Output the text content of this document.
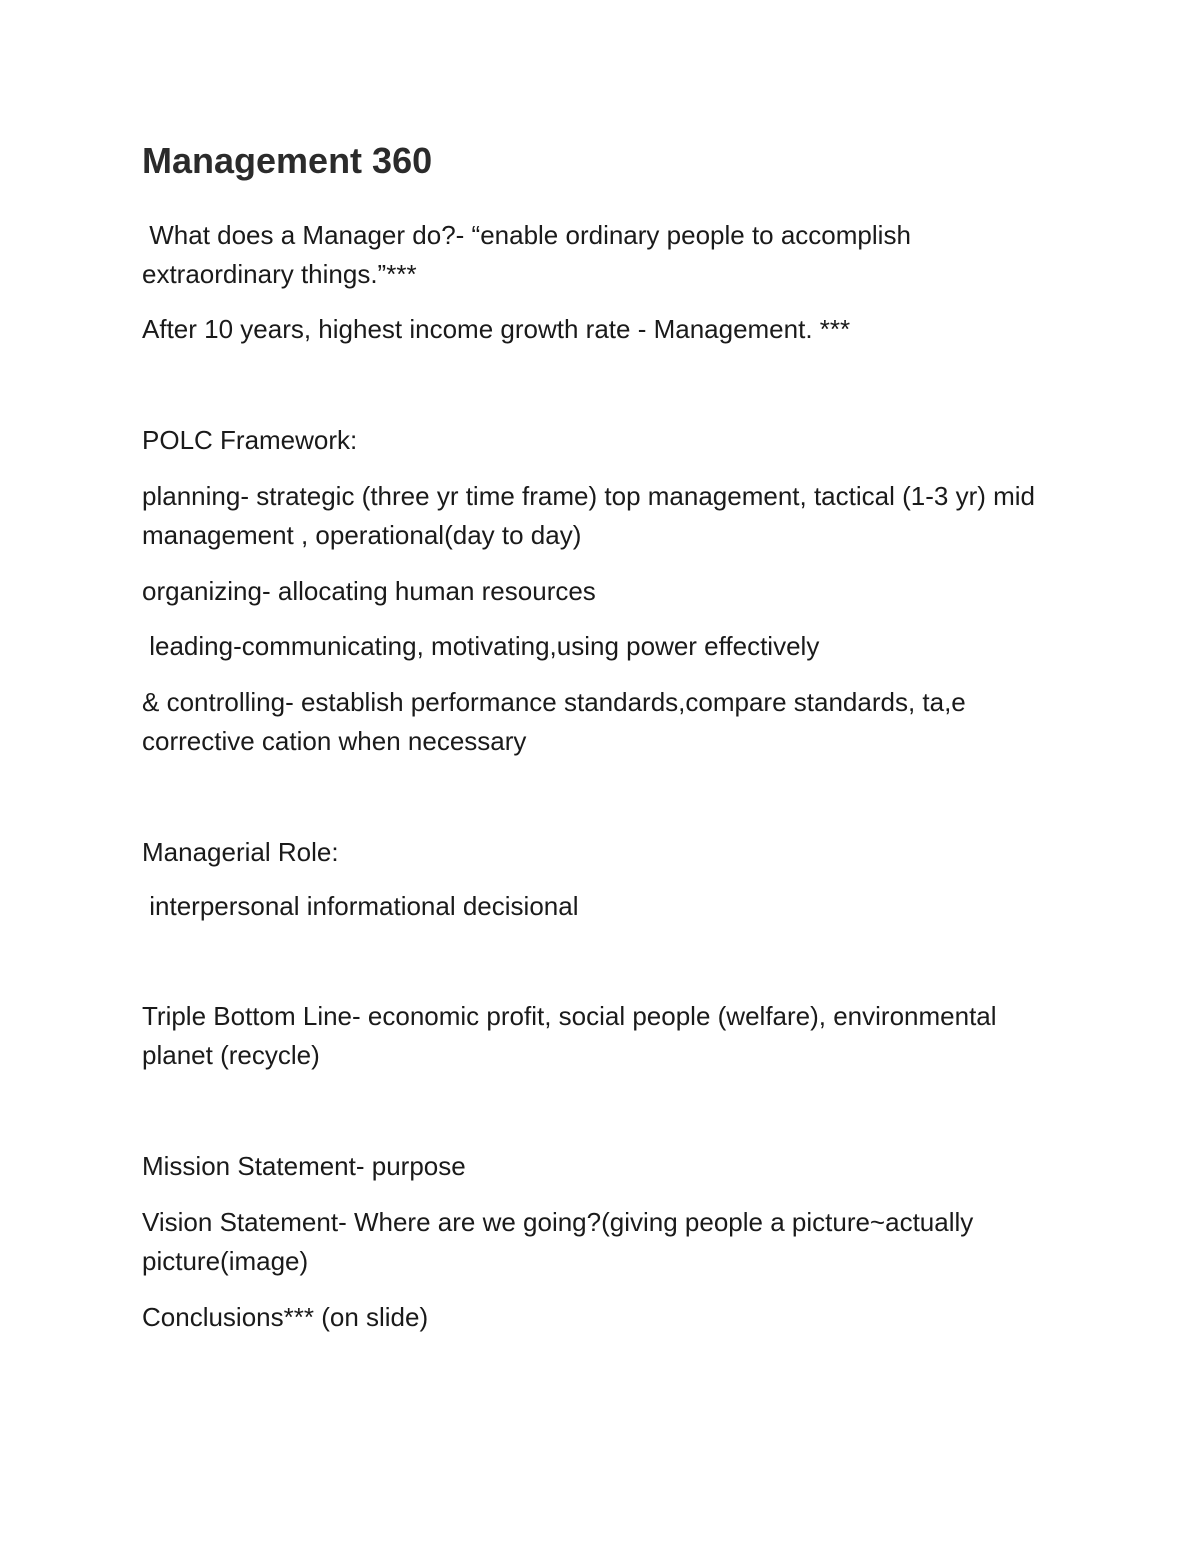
Management 360

What does a Manager do?- “enable ordinary people to accomplish extraordinary things.”***

After 10 years, highest income growth rate - Management. ***

POLC Framework:

planning- strategic (three yr time frame) top management, tactical (1-3 yr) mid management , operational(day to day)

organizing- allocating human resources

leading-communicating, motivating,using power effectively

& controlling- establish performance standards,compare standards, ta,e corrective cation when necessary

Managerial Role:

interpersonal informational decisional

Triple Bottom Line- economic profit, social people (welfare), environmental planet (recycle)

Mission Statement- purpose

Vision Statement- Where are we going?(giving people a picture~actually picture(image)

Conclusions*** (on slide)
